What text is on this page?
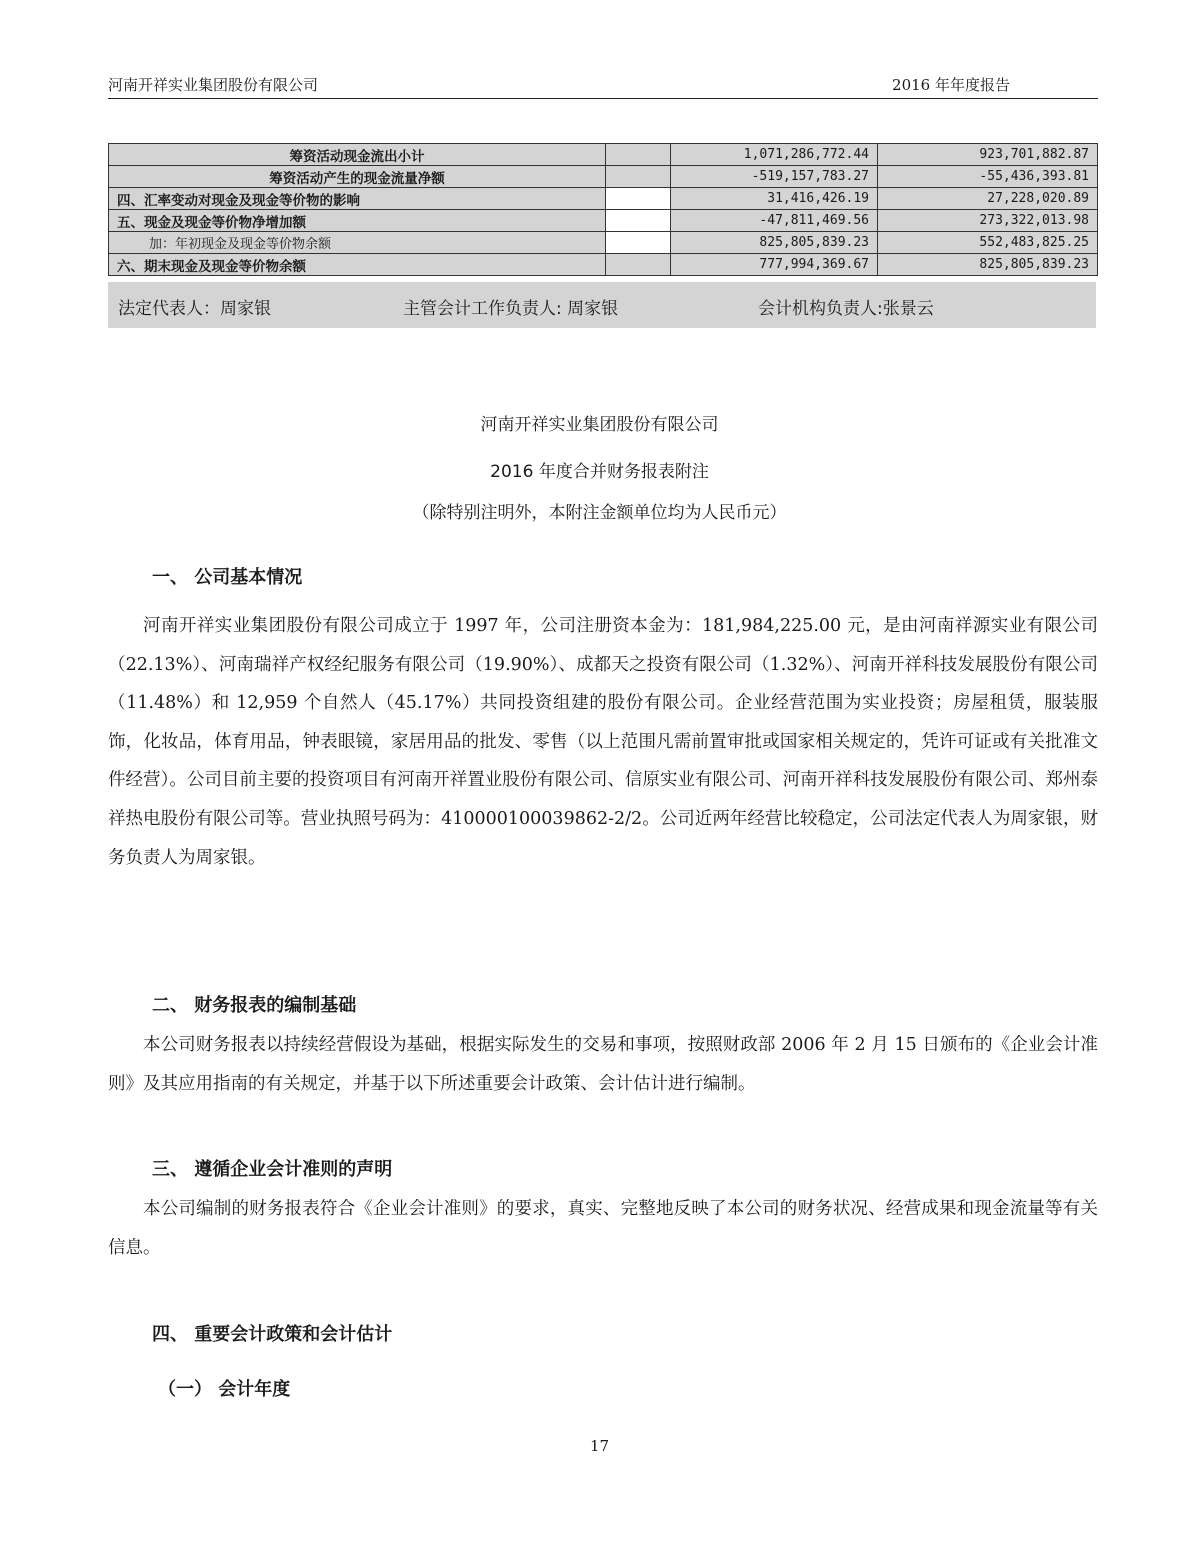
河南开祥实业集团股份有限公司	2016 年年度报告
筹资活动现金流出小计		1,071,286,772.44	923,701,882.87
筹资活动产生的现金流量净额		-519,157,783.27	-55,436,393.81
四、汇率变动对现金及现金等价物的影响		31,416,426.19	27,228,020.89
五、现金及现金等价物净增加额		-47,811,469.56	273,322,013.98
加：年初现金及现金等价物余额		825,805,839.23	552,483,825.25
六、期末现金及现金等价物余额		777,994,369.67	825,805,839.23
法定代表人：周家银	主管会计工作负责人: 周家银	会计机构负责人:张景云
河南开祥实业集团股份有限公司
2016 年度合并财务报表附注
（除特别注明外，本附注金额单位均为人民币元）
一、 公司基本情况
河南开祥实业集团股份有限公司成立于 1997 年，公司注册资本金为：181,984,225.00 元，是由河南祥源实业有限公司（22.13%）、河南瑞祥产权经纪服务有限公司（19.90%）、成都天之投资有限公司（1.32%）、河南开祥科技发展股份有限公司（11.48%）和 12,959 个自然人（45.17%）共同投资组建的股份有限公司。企业经营范围为实业投资；房屋租赁，服装服饰，化妆品，体育用品，钟表眼镜，家居用品的批发、零售（以上范围凡需前置审批或国家相关规定的，凭许可证或有关批准文件经营）。公司目前主要的投资项目有河南开祥置业股份有限公司、信原实业有限公司、河南开祥科技发展股份有限公司、郑州泰祥热电股份有限公司等。营业执照号码为：410000100039862-2/2。公司近两年经营比较稳定，公司法定代表人为周家银，财务负责人为周家银。
二、 财务报表的编制基础
本公司财务报表以持续经营假设为基础，根据实际发生的交易和事项，按照财政部 2006 年 2 月 15 日颁布的《企业会计准则》及其应用指南的有关规定，并基于以下所述重要会计政策、会计估计进行编制。
三、 遵循企业会计准则的声明
本公司编制的财务报表符合《企业会计准则》的要求，真实、完整地反映了本公司的财务状况、经营成果和现金流量等有关信息。
四、 重要会计政策和会计估计
（一） 会计年度
17
